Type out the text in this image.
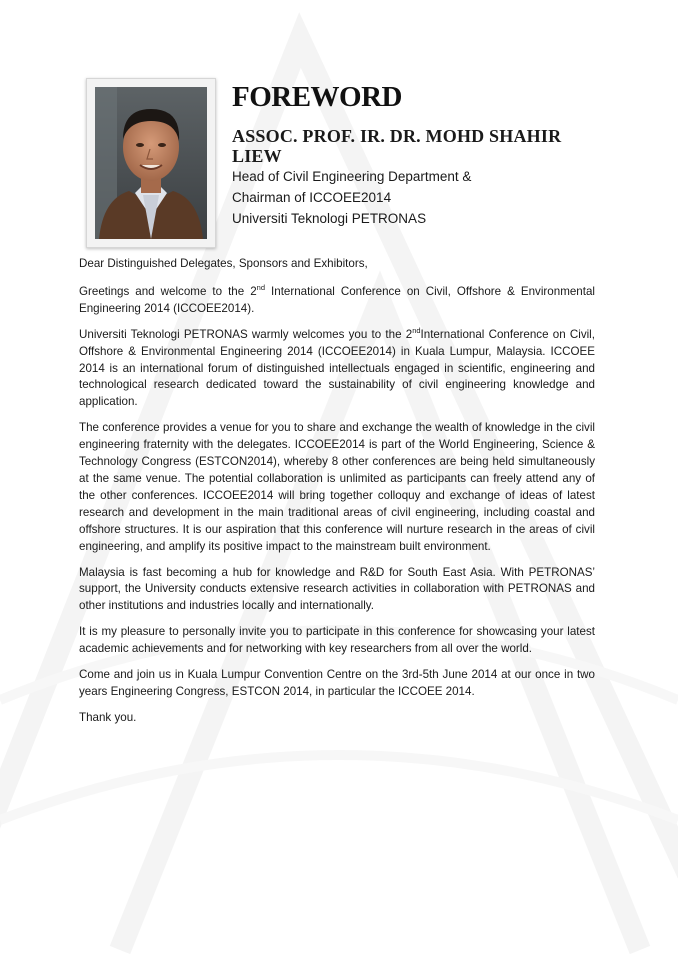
FOREWORD
ASSOC. PROF. IR. DR. MOHD SHAHIR LIEW
Head of Civil Engineering Department &
Chairman of ICCOEE2014
Universiti Teknologi PETRONAS

Dear Distinguished Delegates, Sponsors and Exhibitors,

Greetings and welcome to the 2nd International Conference on Civil, Offshore & Environmental Engineering 2014 (ICCOEE2014).

Universiti Teknologi PETRONAS warmly welcomes you to the 2ndInternational Conference on Civil, Offshore & Environmental Engineering 2014 (ICCOEE2014) in Kuala Lumpur, Malaysia. ICCOEE 2014 is an international forum of distinguished intellectuals engaged in scientific, engineering and technological research dedicated toward the sustainability of civil engineering knowledge and application.

The conference provides a venue for you to share and exchange the wealth of knowledge in the civil engineering fraternity with the delegates. ICCOEE2014 is part of the World Engineering, Science & Technology Congress (ESTCON2014), whereby 8 other conferences are being held simultaneously at the same venue. The potential collaboration is unlimited as participants can freely attend any of the other conferences. ICCOEE2014 will bring together colloquy and exchange of ideas of latest research and development in the main traditional areas of civil engineering, including coastal and offshore structures. It is our aspiration that this conference will nurture research in the areas of civil engineering, and amplify its positive impact to the mainstream built environment.

Malaysia is fast becoming a hub for knowledge and R&D for South East Asia. With PETRONAS’ support, the University conducts extensive research activities in collaboration with PETRONAS and other institutions and industries locally and internationally.

It is my pleasure to personally invite you to participate in this conference for showcasing your latest academic achievements and for networking with key researchers from all over the world.

Come and join us in Kuala Lumpur Convention Centre on the 3rd-5th June 2014 at our once in two years Engineering Congress, ESTCON 2014, in particular the ICCOEE 2014.

Thank you.
